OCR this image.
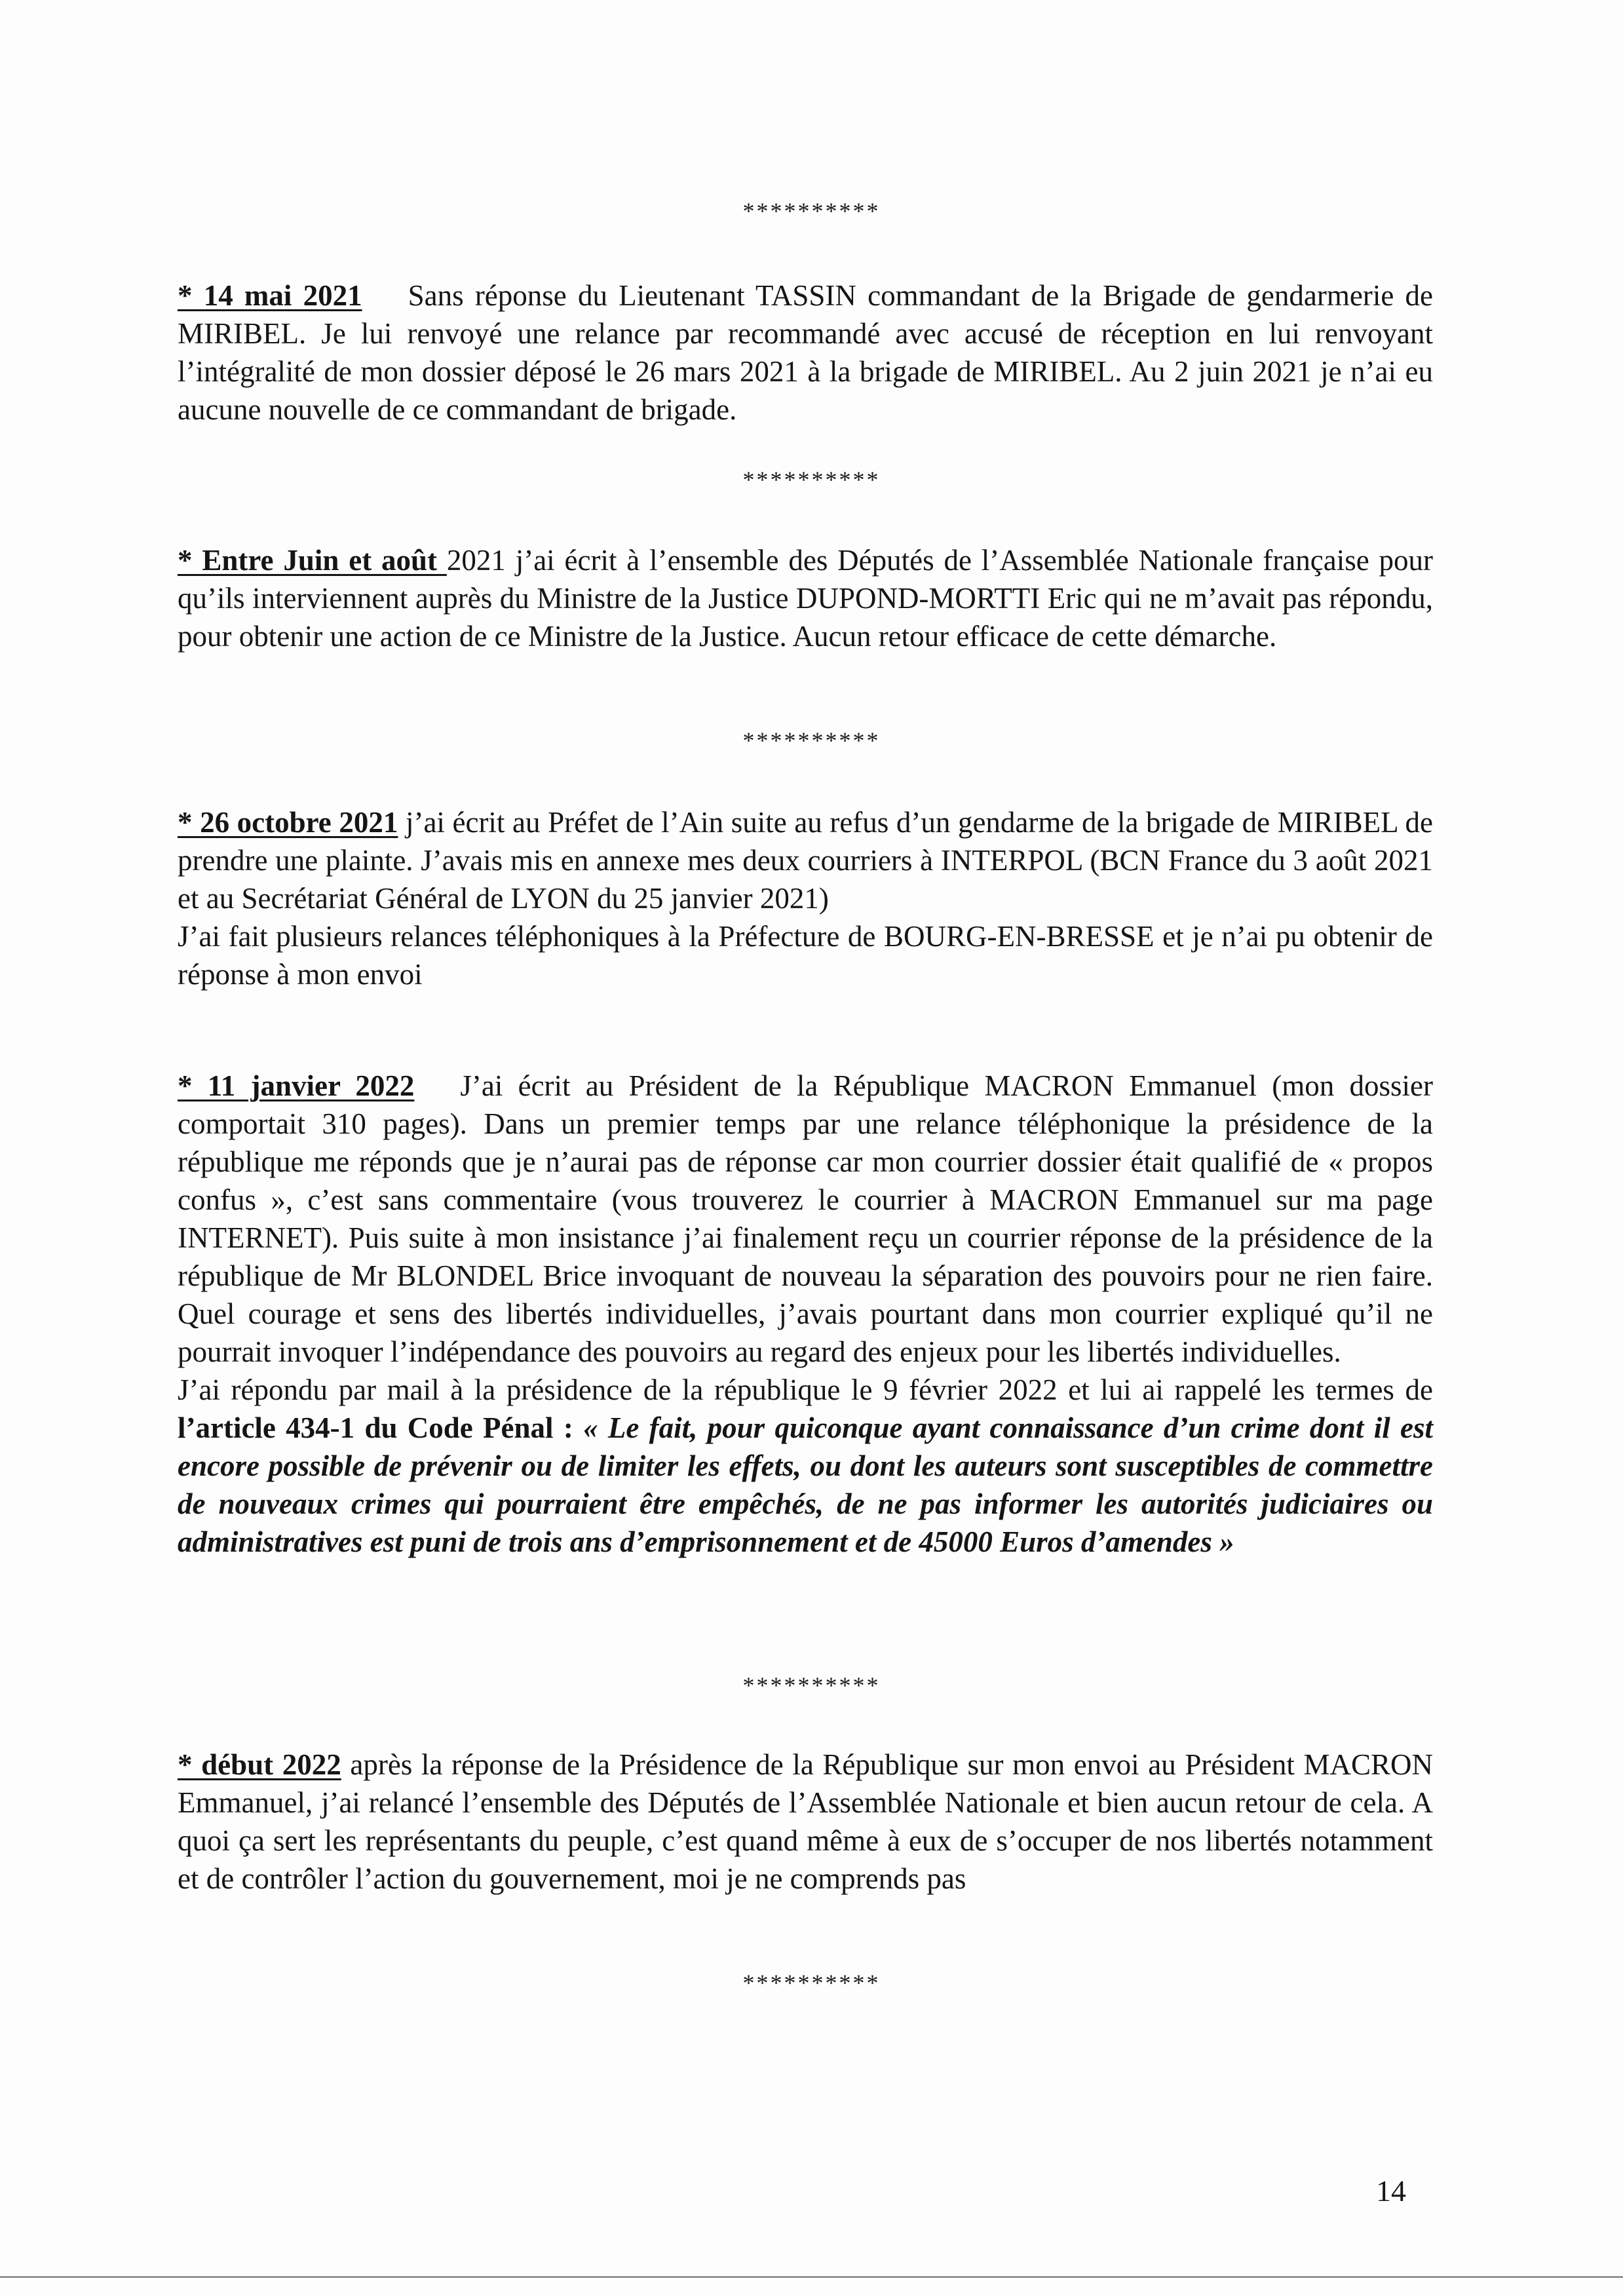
**********

* 14 mai 2021 Sans réponse du Lieutenant TASSIN commandant de la Brigade de gendarmerie de MIRIBEL. Je lui renvoyé une relance par recommandé avec accusé de réception en lui renvoyant l’intégralité de mon dossier déposé le 26 mars 2021 à la brigade de MIRIBEL. Au 2 juin 2021 je n’ai eu aucune nouvelle de ce commandant de brigade.

**********

* Entre Juin et août 2021 j’ai écrit à l’ensemble des Députés de l’Assemblée Nationale française pour qu’ils interviennent auprès du Ministre de la Justice DUPOND-MORTTI Eric qui ne m’avait pas répondu, pour obtenir une action de ce Ministre de la Justice. Aucun retour efficace de cette démarche.

**********

* 26 octobre 2021 j’ai écrit au Préfet de l’Ain suite au refus d’un gendarme de la brigade de MIRIBEL de prendre une plainte. J’avais mis en annexe mes deux courriers à INTERPOL (BCN France du 3 août 2021 et au Secrétariat Général de LYON du 25 janvier 2021)

J’ai fait plusieurs relances téléphoniques à la Préfecture de BOURG-EN-BRESSE et je n’ai pu obtenir de réponse à mon envoi

* 11 janvier 2022 J’ai écrit au Président de la République MACRON Emmanuel (mon dossier comportait 310 pages). Dans un premier temps par une relance téléphonique la présidence de la république me réponds que je n’aurai pas de réponse car mon courrier dossier était qualifié de « propos confus », c’est sans commentaire (vous trouverez le courrier à MACRON Emmanuel sur ma page INTERNET). Puis suite à mon insistance j’ai finalement reçu un courrier réponse de la présidence de la république de Mr BLONDEL Brice invoquant de nouveau la séparation des pouvoirs pour ne rien faire. Quel courage et sens des libertés individuelles, j’avais pourtant dans mon courrier expliqué qu’il ne pourrait invoquer l’indépendance des pouvoirs au regard des enjeux pour les libertés individuelles.

J’ai répondu par mail à la présidence de la république le 9 février 2022 et lui ai rappelé les termes de l’article 434-1 du Code Pénal : « Le fait, pour quiconque ayant connaissance d’un crime dont il est encore possible de prévenir ou de limiter les effets, ou dont les auteurs sont susceptibles de commettre de nouveaux crimes qui pourraient être empêchés, de ne pas informer les autorités judiciaires ou administratives est puni de trois ans d’emprisonnement et de 45000 Euros d’amendes »

**********

* début 2022 après la réponse de la Présidence de la République sur mon envoi au Président MACRON Emmanuel, j’ai relancé l’ensemble des Députés de l’Assemblée Nationale et bien aucun retour de cela. A quoi ça sert les représentants du peuple, c’est quand même à eux de s’occuper de nos libertés notamment et de contrôler l’action du gouvernement, moi je ne comprends pas

**********
14
